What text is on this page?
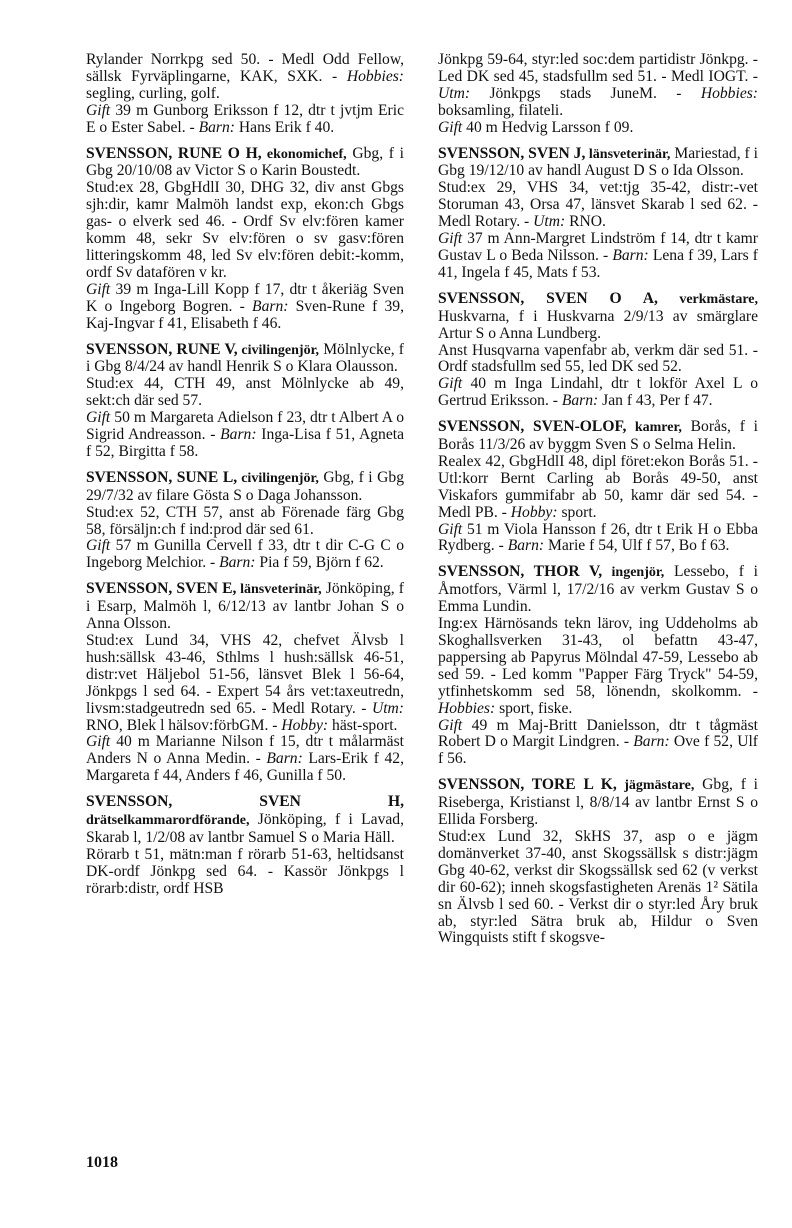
Rylander Norrkpg sed 50. - Medl Odd Fellow, sällsk Fyrväplingarne, KAK, SXK. - Hobbies: segling, curling, golf.

Gift 39 m Gunborg Eriksson f 12, dtr t jvtjm Eric E o Ester Sabel. - Barn: Hans Erik f 40.

SVENSSON, RUNE O H, ekonomichef, Gbg, f i Gbg 20/10/08 av Victor S o Karin Boustedt.

Stud:ex 28, GbgHdlI 30, DHG 32, div anst Gbgs sjh:dir, kamr Malmöh landst exp, ekon:ch Gbgs gas- o elverk sed 46. - Ordf Sv elv:fören kamer komm 48, sekr Sv elv:fören o sv gasv:fören litteringskomm 48, led Sv elv:fören debit:-komm, ordf Sv datafören v kr.

Gift 39 m Inga-Lill Kopp f 17, dtr t åkeriäg Sven K o Ingeborg Bogren. - Barn: Sven-Rune f 39, Kaj-Ingvar f 41, Elisabeth f 46.

SVENSSON, RUNE V, civilingenjör, Mölnlycke, f i Gbg 8/4/24 av handl Henrik S o Klara Olausson.

Stud:ex 44, CTH 49, anst Mölnlycke ab 49, sekt:ch där sed 57.

Gift 50 m Margareta Adielson f 23, dtr t Albert A o Sigrid Andreasson. - Barn: Inga-Lisa f 51, Agneta f 52, Birgitta f 58.

SVENSSON, SUNE L, civilingenjör, Gbg, f i Gbg 29/7/32 av filare Gösta S o Daga Johansson.

Stud:ex 52, CTH 57, anst ab Förenade färg Gbg 58, försäljn:ch f ind:prod där sed 61.

Gift 57 m Gunilla Cervell f 33, dtr t dir C-G C o Ingeborg Melchior. - Barn: Pia f 59, Björn f 62.

SVENSSON, SVEN E, länsveterinär, Jönköping, f i Esarp, Malmöh l, 6/12/13 av lantbr Johan S o Anna Olsson.

Stud:ex Lund 34, VHS 42, chefvet Älvsb l hush:sällsk 43-46, Sthlms l hush:sällsk 46-51, distr:vet Häljebol 51-56, länsvet Blek l 56-64, Jönkpgs l sed 64. - Expert 54 års vet:taxeutredn, livsm:stadgeutredn sed 65. - Medl Rotary. - Utm: RNO, Blek l hälsov:förbGM. - Hobby: häst-sport.

Gift 40 m Marianne Nilson f 15, dtr t målarmäst Anders N o Anna Medin. - Barn: Lars-Erik f 42, Margareta f 44, Anders f 46, Gunilla f 50.

SVENSSON, SVEN H, drätselkammarordförande, Jönköping, f i Lavad, Skarab l, 1/2/08 av lantbr Samuel S o Maria Häll.

Rörarb t 51, mätn:man f rörarb 51-63, heltidsanst DK-ordf Jönkpg sed 64. - Kassör Jönkpgs l rörarb:distr, ordf HSB

Jönkpg 59-64, styr:led soc:dem partidistr Jönkpg. - Led DK sed 45, stadsfullm sed 51. - Medl IOGT. - Utm: Jönkpgs stads JuneM. - Hobbies: boksamling, filateli.

Gift 40 m Hedvig Larsson f 09.

SVENSSON, SVEN J, länsveterinär, Mariestad, f i Gbg 19/12/10 av handl August D S o Ida Olsson.

Stud:ex 29, VHS 34, vet:tjg 35-42, distr:-vet Storuman 43, Orsa 47, länsvet Skarab l sed 62. - Medl Rotary. - Utm: RNO.

Gift 37 m Ann-Margret Lindström f 14, dtr t kamr Gustav L o Beda Nilsson. - Barn: Lena f 39, Lars f 41, Ingela f 45, Mats f 53.

SVENSSON, SVEN O A, verkmästare, Huskvarna, f i Huskvarna 2/9/13 av smärglare Artur S o Anna Lundberg.

Anst Husqvarna vapenfabr ab, verkm där sed 51. - Ordf stadsfullm sed 55, led DK sed 52.

Gift 40 m Inga Lindahl, dtr t lokför Axel L o Gertrud Eriksson. - Barn: Jan f 43, Per f 47.

SVENSSON, SVEN-OLOF, kamrer, Borås, f i Borås 11/3/26 av byggm Sven S o Selma Helin.

Realex 42, GbgHdlI 48, dipl föret:ekon Borås 51. - Utl:korr Bernt Carling ab Borås 49-50, anst Viskafors gummifabr ab 50, kamr där sed 54. - Medl PB. - Hobby: sport.

Gift 51 m Viola Hansson f 26, dtr t Erik H o Ebba Rydberg. - Barn: Marie f 54, Ulf f 57, Bo f 63.

SVENSSON, THOR V, ingenjör, Lessebo, f i Åmotfors, Värml l, 17/2/16 av verkm Gustav S o Emma Lundin.

Ing:ex Härnösands tekn lärov, ing Uddeholms ab Skoghallsverken 31-43, ol befattn 43-47, pappersing ab Papyrus Mölndal 47-59, Lessebo ab sed 59. - Led komm "Papper Färg Tryck" 54-59, ytfinhetskomm sed 58, lönendn, skolkomm. - Hobbies: sport, fiske.

Gift 49 m Maj-Britt Danielsson, dtr t tågmäst Robert D o Margit Lindgren. - Barn: Ove f 52, Ulf f 56.

SVENSSON, TORE L K, jägmästare, Gbg, f i Riseberga, Kristianst l, 8/8/14 av lantbr Ernst S o Ellida Forsberg.

Stud:ex Lund 32, SkHS 37, asp o e jägm domänverket 37-40, anst Skogssällsk s distr:jägm Gbg 40-62, verkst dir Skogssällsk sed 62 (v verkst dir 60-62); inneh skogsfastigheten Arenäs 1² Sätila sn Älvsb l sed 60. - Verkst dir o styr:led Åry bruk ab, styr:led Sätra bruk ab, Hildur o Sven Wingquists stift f skogsve-

1018
